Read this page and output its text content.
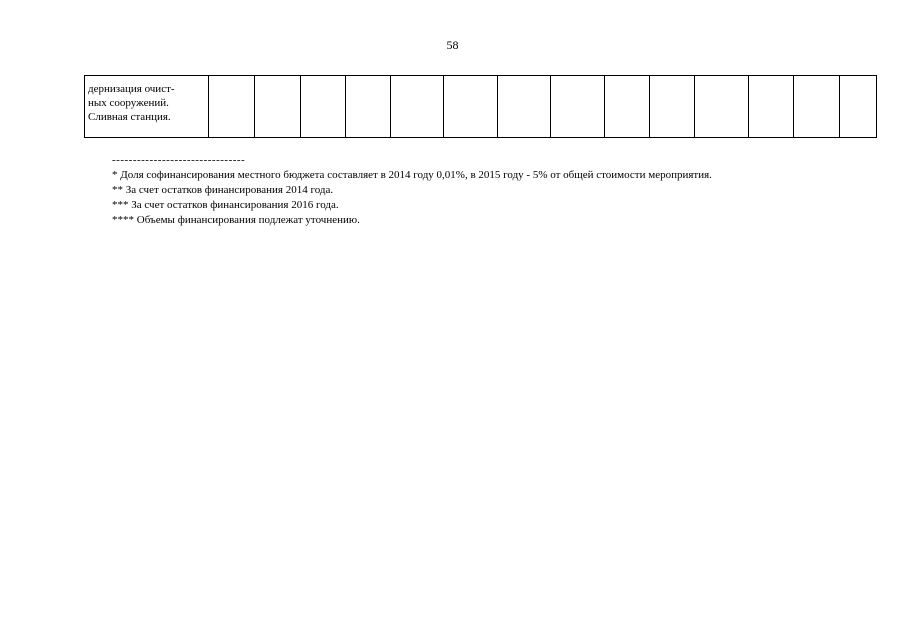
58
дернизация очист-
ных сооружений.
Сливная станция.														
--------------------------------
* Доля софинансирования местного бюджета составляет в 2014 году 0,01%, в 2015 году - 5% от общей стоимости мероприятия.
** За счет остатков финансирования 2014 года.
*** За счет остатков финансирования 2016 года.
**** Объемы финансирования подлежат уточнению.
